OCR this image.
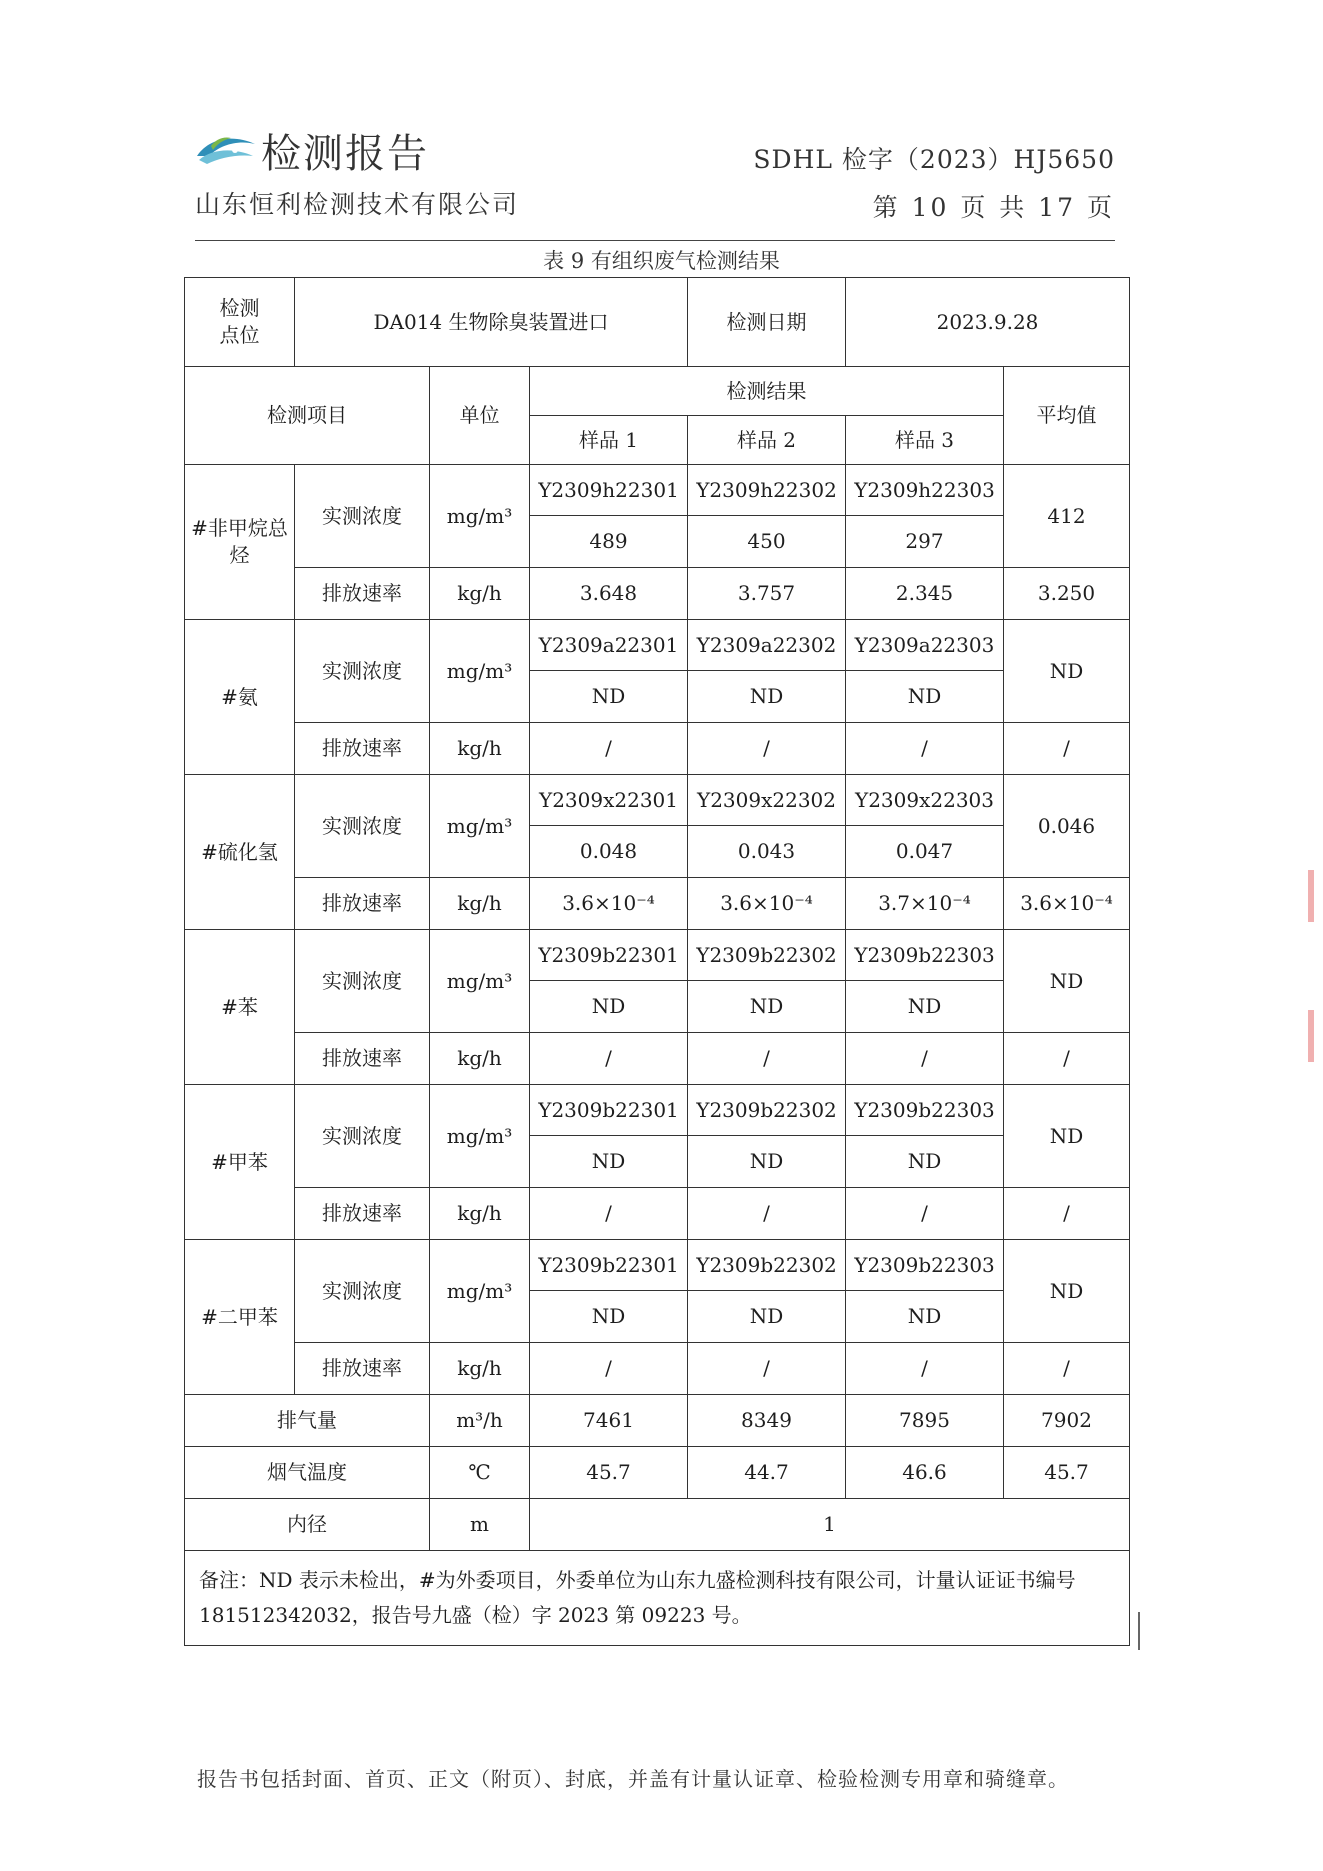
检测报告
山东恒利检测技术有限公司
SDHL 检字（2023）HJ5650
第 10 页 共 17 页
表 9 有组织废气检测结果
检测
点位	DA014 生物除臭装置进口			检测日期	2023.9.28	
检测项目		单位	检测结果			平均值
			样品 1	样品 2	样品 3	
#非甲烷总烃	实测浓度	mg/m³	Y2309h22301	Y2309h22302	Y2309h22303	412
			489	450	297	
	排放速率	kg/h	3.648	3.757	2.345	3.250
#氨	实测浓度	mg/m³	Y2309a22301	Y2309a22302	Y2309a22303	ND
			ND	ND	ND	
	排放速率	kg/h	/	/	/	/
#硫化氢	实测浓度	mg/m³	Y2309x22301	Y2309x22302	Y2309x22303	0.046
			0.048	0.043	0.047	
	排放速率	kg/h	3.6×10⁻⁴	3.6×10⁻⁴	3.7×10⁻⁴	3.6×10⁻⁴
#苯	实测浓度	mg/m³	Y2309b22301	Y2309b22302	Y2309b22303	ND
			ND	ND	ND	
	排放速率	kg/h	/	/	/	/
#甲苯	实测浓度	mg/m³	Y2309b22301	Y2309b22302	Y2309b22303	ND
			ND	ND	ND	
	排放速率	kg/h	/	/	/	/
#二甲苯	实测浓度	mg/m³	Y2309b22301	Y2309b22302	Y2309b22303	ND
			ND	ND	ND	
	排放速率	kg/h	/	/	/	/
排气量		m³/h	7461	8349	7895	7902
烟气温度		℃	45.7	44.7	46.6	45.7
内径		m	1			
备注：ND 表示未检出，#为外委项目，外委单位为山东九盛检测科技有限公司，计量认证证书编号 181512342032，报告号九盛（检）字 2023 第 09223 号。						
报告书包括封面、首页、正文（附页）、封底，并盖有计量认证章、检验检测专用章和骑缝章。
